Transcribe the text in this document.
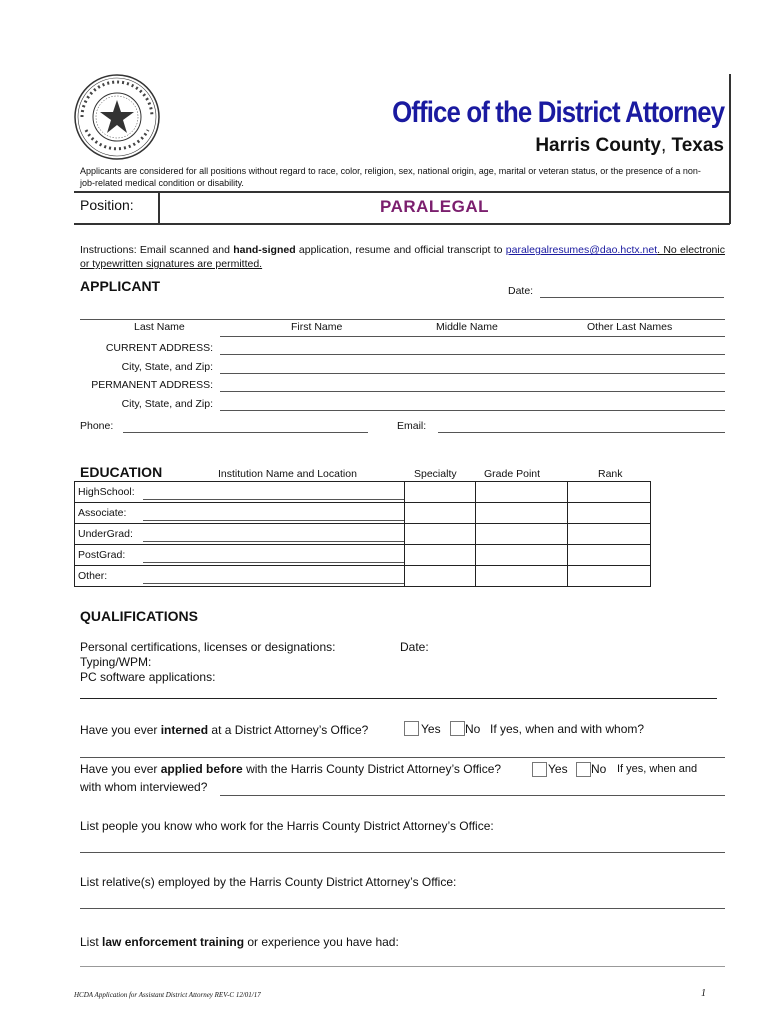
Office of the District Attorney
Harris County, Texas
Applicants are considered for all positions without regard to race, color, religion, sex, national origin, age, marital or veteran status, or the presence of a non-job-related medical condition or disability.
Position:	PARALEGAL
Instructions: Email scanned and hand-signed application, resume and official transcript to paralegalresumes@dao.hctx.net. No electronic or typewritten signatures are permitted.
APPLICANT	Date:
Last Name	First Name	Middle Name	Other Last Names
CURRENT ADDRESS:
City, State, and Zip:
PERMANENT ADDRESS:
City, State, and Zip:
Phone:	Email:
EDUCATION	Institution Name and Location	Specialty	Grade Point	Rank
HighSchool:			

Associate:			

UnderGrad:			

PostGrad:			

Other:			

QUALIFICATIONS
Personal certifications, licenses or designations:	Date:
Typing/WPM:
PC software applications:
Have you ever interned at a District Attorney’s Office?	Yes No If yes, when and with whom?
Have you ever applied before with the Harris County District Attorney’s Office?	Yes No If yes, when and
with whom interviewed?
List people you know who work for the Harris County District Attorney’s Office:
List relative(s) employed by the Harris County District Attorney’s Office:
List law enforcement training or experience you have had:
HCDA Application for Assistant District Attorney REV-C 12/01/17	1
